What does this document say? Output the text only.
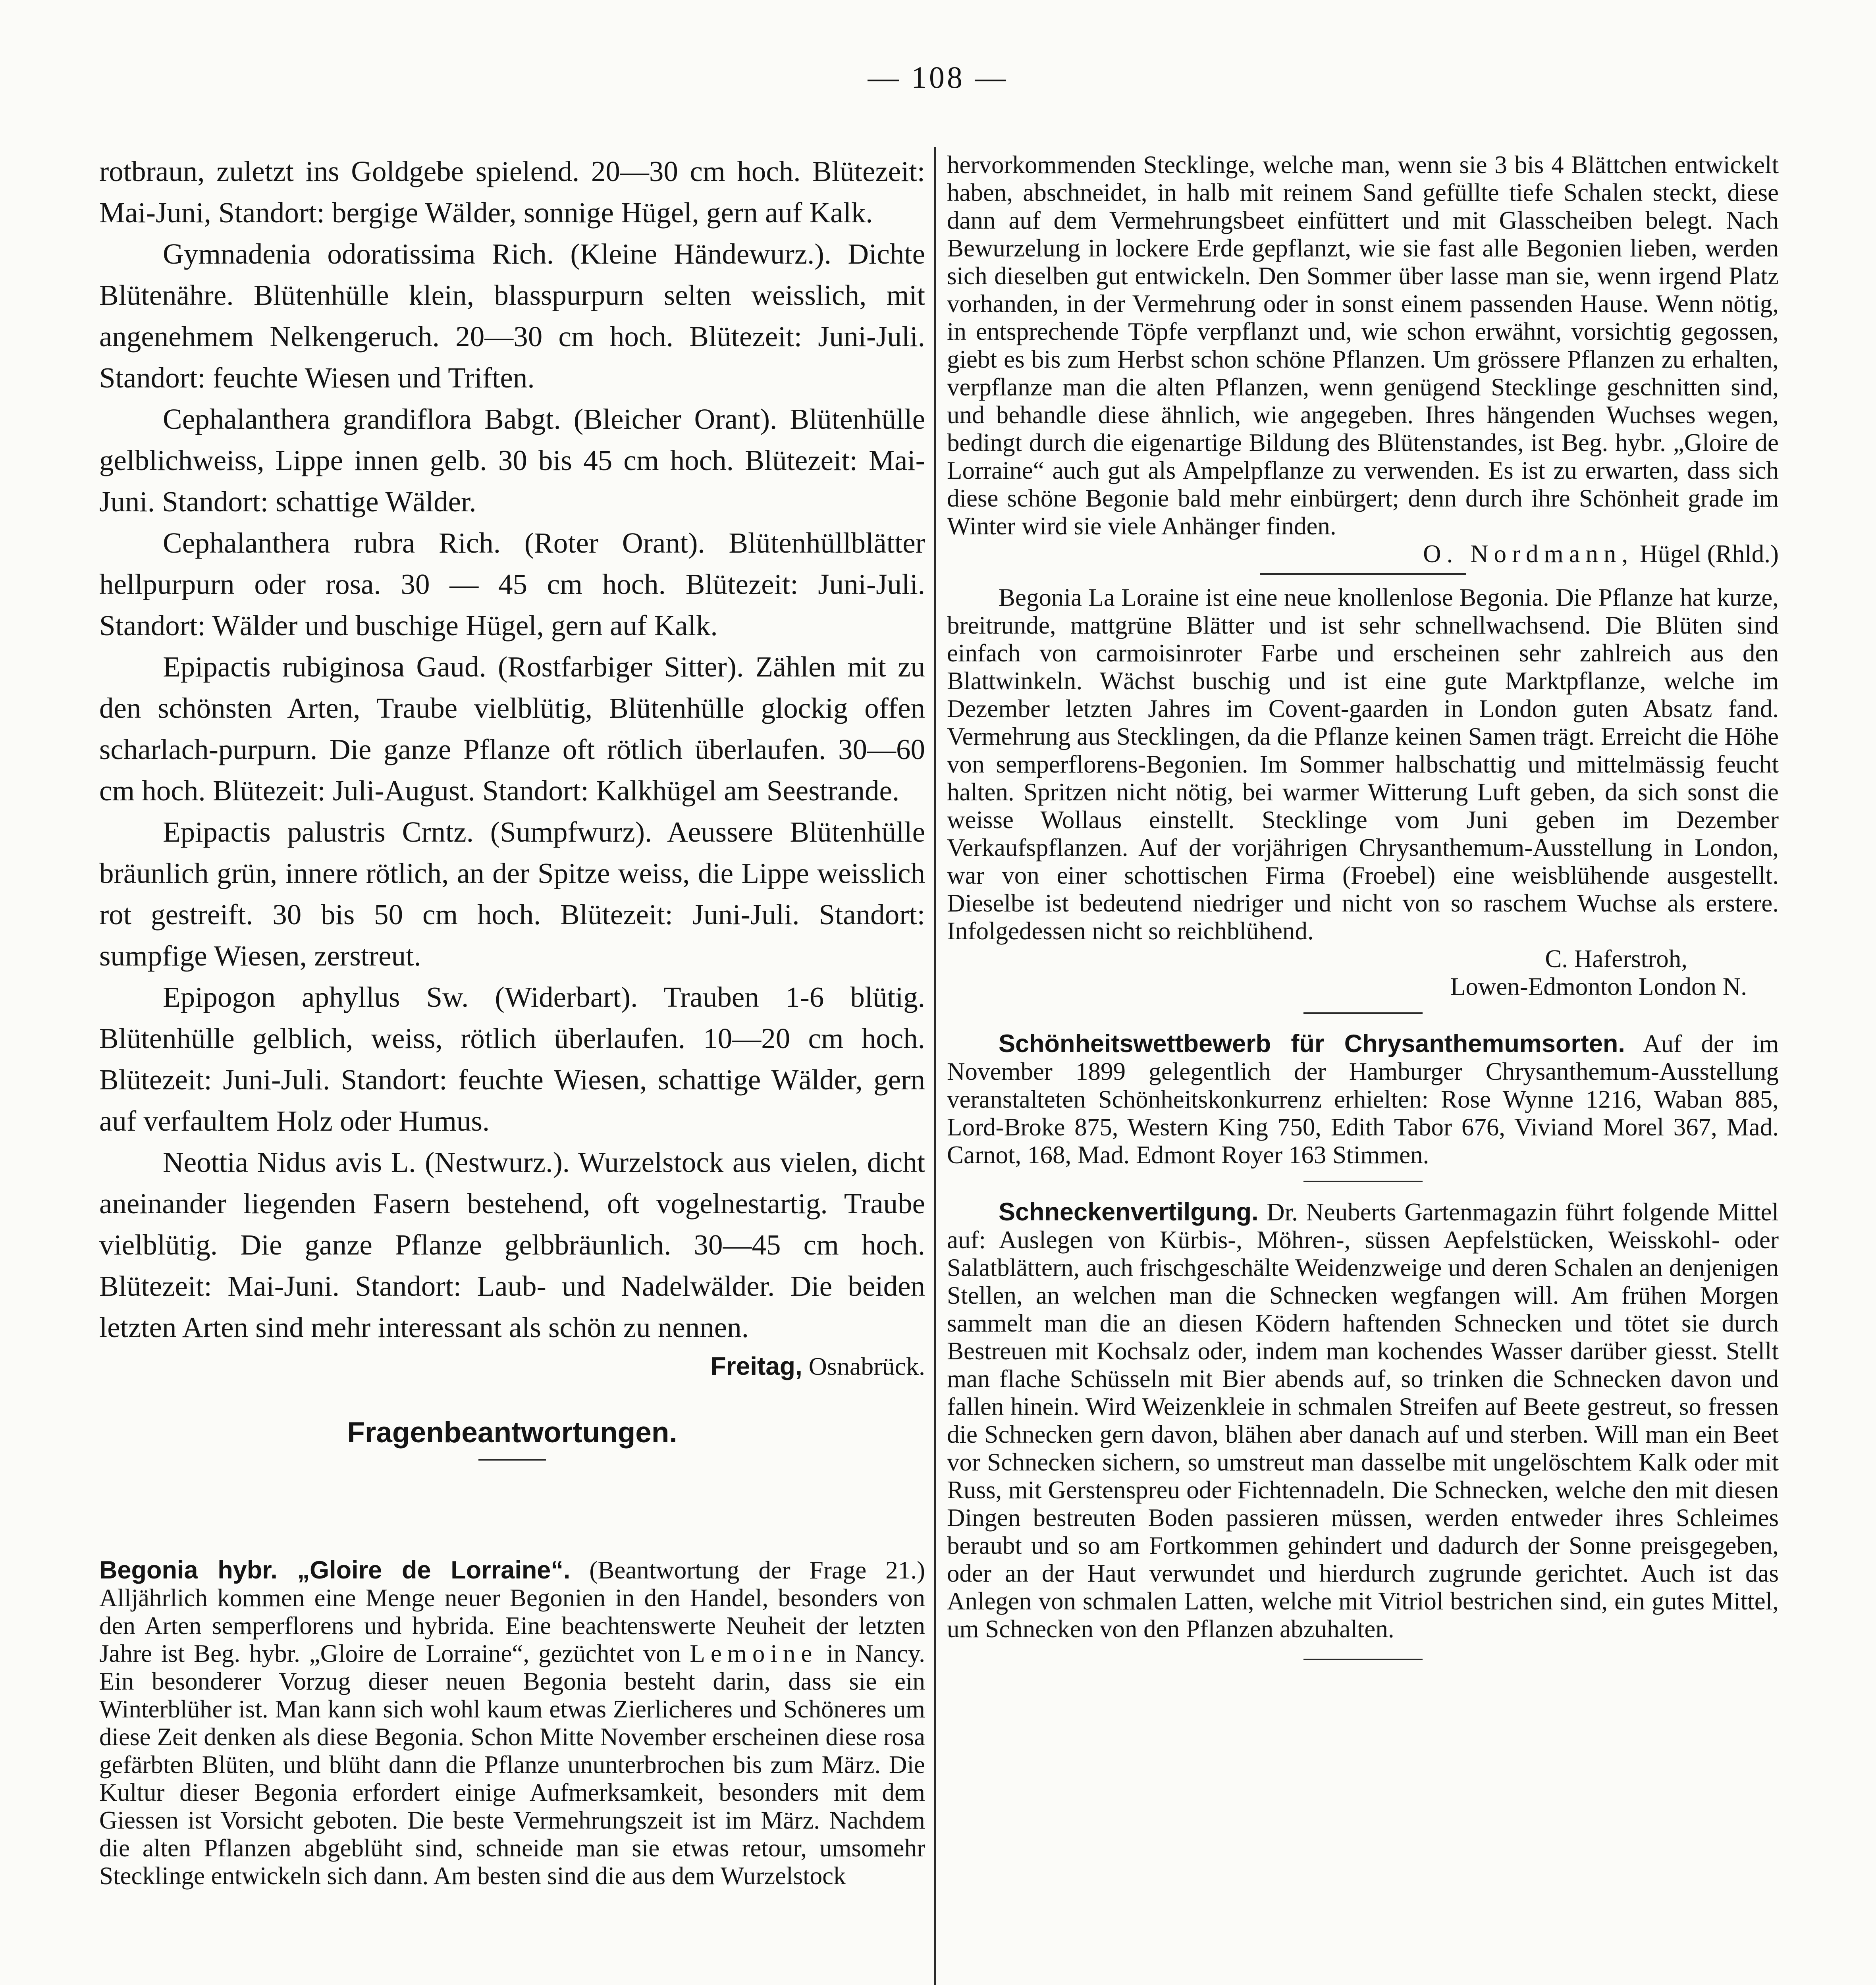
— 108 —

rotbraun, zuletzt ins Goldgebe spielend. 20—30 cm hoch. Blütezeit: Mai-Juni, Standort: bergige Wälder, sonnige Hügel, gern auf Kalk.

Gymnadenia odoratissima Rich. (Kleine Händewurz.). Dichte Blütenähre. Blütenhülle klein, blasspurpurn selten weisslich, mit angenehmem Nelkengeruch. 20—30 cm hoch. Blütezeit: Juni-Juli. Standort: feuchte Wiesen und Triften.

Cephalanthera grandiflora Babgt. (Bleicher Orant). Blütenhülle gelblichweiss, Lippe innen gelb. 30 bis 45 cm hoch. Blütezeit: Mai-Juni. Standort: schattige Wälder.

Cephalanthera rubra Rich. (Roter Orant). Blütenhüllblätter hellpurpurn oder rosa. 30 — 45 cm hoch. Blütezeit: Juni-Juli. Standort: Wälder und buschige Hügel, gern auf Kalk.

Epipactis rubiginosa Gaud. (Rostfarbiger Sitter). Zählen mit zu den schönsten Arten, Traube vielblütig, Blütenhülle glockig offen scharlach-purpurn. Die ganze Pflanze oft rötlich überlaufen. 30—60 cm hoch. Blütezeit: Juli-August. Standort: Kalkhügel am Seestrande.

Epipactis palustris Crntz. (Sumpfwurz). Aeussere Blütenhülle bräunlich grün, innere rötlich, an der Spitze weiss, die Lippe weisslich rot gestreift. 30 bis 50 cm hoch. Blütezeit: Juni-Juli. Standort: sumpfige Wiesen, zerstreut.

Epipogon aphyllus Sw. (Widerbart). Trauben 1-6 blütig. Blütenhülle gelblich, weiss, rötlich überlaufen. 10—20 cm hoch. Blütezeit: Juni-Juli. Standort: feuchte Wiesen, schattige Wälder, gern auf verfaultem Holz oder Humus.

Neottia Nidus avis L. (Nestwurz.). Wurzelstock aus vielen, dicht aneinander liegenden Fasern bestehend, oft vogelnestartig. Traube vielblütig. Die ganze Pflanze gelbbräunlich. 30—45 cm hoch. Blütezeit: Mai-Juni. Standort: Laub- und Nadelwälder. Die beiden letzten Arten sind mehr interessant als schön zu nennen.

Freitag, Osnabrück.

Fragenbeantwortungen.

Begonia hybr. „Gloire de Lorraine“. (Beantwortung der Frage 21.) Alljährlich kommen eine Menge neuer Begonien in den Handel, besonders von den Arten semperflorens und hybrida. Eine beachtenswerte Neuheit der letzten Jahre ist Beg. hybr. „Gloire de Lorraine“, gezüchtet von Lemoine in Nancy. Ein besonderer Vorzug dieser neuen Begonia besteht darin, dass sie ein Winterblüher ist. Man kann sich wohl kaum etwas Zierlicheres und Schöneres um diese Zeit denken als diese Begonia. Schon Mitte November erscheinen diese rosa gefärbten Blüten, und blüht dann die Pflanze ununterbrochen bis zum März. Die Kultur dieser Begonia erfordert einige Aufmerksamkeit, besonders mit dem Giessen ist Vorsicht geboten. Die beste Vermehrungszeit ist im März. Nachdem die alten Pflanzen abgeblüht sind, schneide man sie etwas retour, umsomehr Stecklinge entwickeln sich dann. Am besten sind die aus dem Wurzelstock

hervorkommenden Stecklinge, welche man, wenn sie 3 bis 4 Blättchen entwickelt haben, abschneidet, in halb mit reinem Sand gefüllte tiefe Schalen steckt, diese dann auf dem Vermehrungsbeet einfüttert und mit Glasscheiben belegt. Nach Bewurzelung in lockere Erde gepflanzt, wie sie fast alle Begonien lieben, werden sich dieselben gut entwickeln. Den Sommer über lasse man sie, wenn irgend Platz vorhanden, in der Vermehrung oder in sonst einem passenden Hause. Wenn nötig, in entsprechende Töpfe verpflanzt und, wie schon erwähnt, vorsichtig gegossen, giebt es bis zum Herbst schon schöne Pflanzen. Um grössere Pflanzen zu erhalten, verpflanze man die alten Pflanzen, wenn genügend Stecklinge geschnitten sind, und behandle diese ähnlich, wie angegeben. Ihres hängenden Wuchses wegen, bedingt durch die eigenartige Bildung des Blütenstandes, ist Beg. hybr. „Gloire de Lorraine“ auch gut als Ampelpflanze zu verwenden. Es ist zu erwarten, dass sich diese schöne Begonie bald mehr einbürgert; denn durch ihre Schönheit grade im Winter wird sie viele Anhänger finden.

O. Nordmann, Hügel (Rhld.)

Begonia La Loraine ist eine neue knollenlose Begonia. Die Pflanze hat kurze, breitrunde, mattgrüne Blätter und ist sehr schnellwachsend. Die Blüten sind einfach von carmoisinroter Farbe und erscheinen sehr zahlreich aus den Blattwinkeln. Wächst buschig und ist eine gute Marktpflanze, welche im Dezember letzten Jahres im Covent-gaarden in London guten Absatz fand. Vermehrung aus Stecklingen, da die Pflanze keinen Samen trägt. Erreicht die Höhe von semperflorens-Begonien. Im Sommer halbschattig und mittelmässig feucht halten. Spritzen nicht nötig, bei warmer Witterung Luft geben, da sich sonst die weisse Wollaus einstellt. Stecklinge vom Juni geben im Dezember Verkaufspflanzen. Auf der vorjährigen Chrysanthemum-Ausstellung in London, war von einer schottischen Firma (Froebel) eine weisblühende ausgestellt. Dieselbe ist bedeutend niedriger und nicht von so raschem Wuchse als erstere. Infolgedessen nicht so reichblühend.

C. Haferstroh,

Lowen-Edmonton London N.

Schönheitswettbewerb für Chrysanthemumsorten. Auf der im November 1899 gelegentlich der Hamburger Chrysanthemum-Ausstellung veranstalteten Schönheitskonkurrenz erhielten: Rose Wynne 1216, Waban 885, Lord-Broke 875, Western King 750, Edith Tabor 676, Viviand Morel 367, Mad. Carnot, 168, Mad. Edmont Royer 163 Stimmen.

Schneckenvertilgung. Dr. Neuberts Gartenmagazin führt folgende Mittel auf: Auslegen von Kürbis-, Möhren-, süssen Aepfelstücken, Weisskohl- oder Salatblättern, auch frischgeschälte Weidenzweige und deren Schalen an denjenigen Stellen, an welchen man die Schnecken wegfangen will. Am frühen Morgen sammelt man die an diesen Ködern haftenden Schnecken und tötet sie durch Bestreuen mit Kochsalz oder, indem man kochendes Wasser darüber giesst. Stellt man flache Schüsseln mit Bier abends auf, so trinken die Schnecken davon und fallen hinein. Wird Weizenkleie in schmalen Streifen auf Beete gestreut, so fressen die Schnecken gern davon, blähen aber danach auf und sterben. Will man ein Beet vor Schnecken sichern, so umstreut man dasselbe mit ungelöschtem Kalk oder mit Russ, mit Gerstenspreu oder Fichtennadeln. Die Schnecken, welche den mit diesen Dingen bestreuten Boden passieren müssen, werden entweder ihres Schleimes beraubt und so am Fortkommen gehindert und dadurch der Sonne preisgegeben, oder an der Haut verwundet und hierdurch zugrunde gerichtet. Auch ist das Anlegen von schmalen Latten, welche mit Vitriol bestrichen sind, ein gutes Mittel, um Schnecken von den Pflanzen abzuhalten.
